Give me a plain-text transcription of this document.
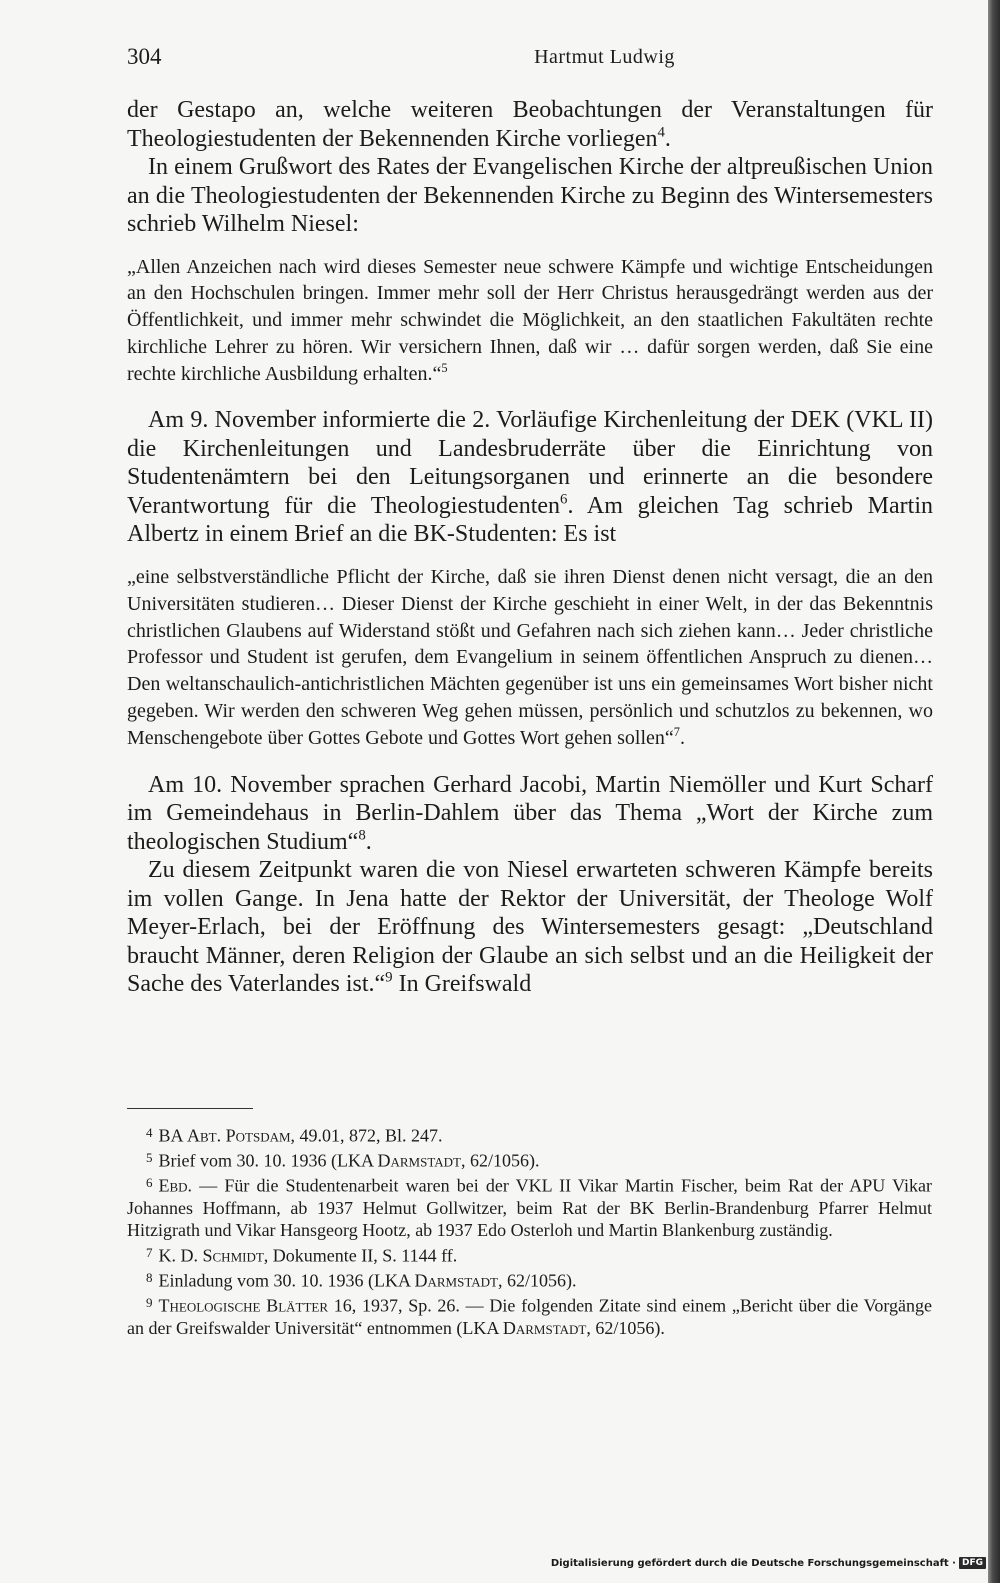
304	Hartmut Ludwig

der Gestapo an, welche weiteren Beobachtungen der Veranstaltungen für Theologiestudenten der Bekennenden Kirche vorliegen$^4$.

In einem Grußwort des Rates der Evangelischen Kirche der altpreußischen Union an die Theologiestudenten der Bekennenden Kirche zu Beginn des Wintersemesters schrieb Wilhelm Niesel:

„Allen Anzeichen nach wird dieses Semester neue schwere Kämpfe und wichtige Entscheidungen an den Hochschulen bringen. Immer mehr soll der Herr Christus herausgedrängt werden aus der Öffentlichkeit, und immer mehr schwindet die Möglichkeit, an den staatlichen Fakultäten rechte kirchliche Lehrer zu hören. Wir versichern Ihnen, daß wir … dafür sorgen werden, daß Sie eine rechte kirchliche Ausbildung erhalten.“$^5$

Am 9. November informierte die 2. Vorläufige Kirchenleitung der DEK (VKL II) die Kirchenleitungen und Landesbruderräte über die Einrichtung von Studentenämtern bei den Leitungsorganen und erinnerte an die besondere Verantwortung für die Theologiestudenten$^6$. Am gleichen Tag schrieb Martin Albertz in einem Brief an die BK-Studenten: Es ist

„eine selbstverständliche Pflicht der Kirche, daß sie ihren Dienst denen nicht versagt, die an den Universitäten studieren… Dieser Dienst der Kirche geschieht in einer Welt, in der das Bekenntnis christlichen Glaubens auf Widerstand stößt und Gefahren nach sich ziehen kann… Jeder christliche Professor und Student ist gerufen, dem Evangelium in seinem öffentlichen Anspruch zu dienen… Den weltanschaulich-antichristlichen Mächten gegenüber ist uns ein gemeinsames Wort bisher nicht gegeben. Wir werden den schweren Weg gehen müssen, persönlich und schutzlos zu bekennen, wo Menschengebote über Gottes Gebote und Gottes Wort gehen sollen“$^7$.

Am 10. November sprachen Gerhard Jacobi, Martin Niemöller und Kurt Scharf im Gemeindehaus in Berlin-Dahlem über das Thema „Wort der Kirche zum theologischen Studium“$^8$.

Zu diesem Zeitpunkt waren die von Niesel erwarteten schweren Kämpfe bereits im vollen Gange. In Jena hatte der Rektor der Universität, der Theologe Wolf Meyer-Erlach, bei der Eröffnung des Wintersemesters gesagt: „Deutschland braucht Männer, deren Religion der Glaube an sich selbst und an die Heiligkeit der Sache des Vaterlandes ist.“$^9$ In Greifswald

$^4$ BA Abt. Potsdam, 49.01, 872, Bl. 247.

$^5$ Brief vom 30. 10. 1936 (LKA Darmstadt, 62/1056).

$^6$ Ebd. — Für die Studentenarbeit waren bei der VKL II Vikar Martin Fischer, beim Rat der APU Vikar Johannes Hoffmann, ab 1937 Helmut Gollwitzer, beim Rat der BK Berlin-Brandenburg Pfarrer Helmut Hitzigrath und Vikar Hansgeorg Hootz, ab 1937 Edo Osterloh und Martin Blankenburg zuständig.

$^7$ K. D. Schmidt, Dokumente II, S. 1144 ff.

$^8$ Einladung vom 30. 10. 1936 (LKA Darmstadt, 62/1056).

$^9$ Theologische Blätter 16, 1937, Sp. 26. — Die folgenden Zitate sind einem „Bericht über die Vorgänge an der Greifswalder Universität“ entnommen (LKA Darmstadt, 62/1056).

Digitalisierung gefördert durch die Deutsche Forschungsgemeinschaft · DFG
